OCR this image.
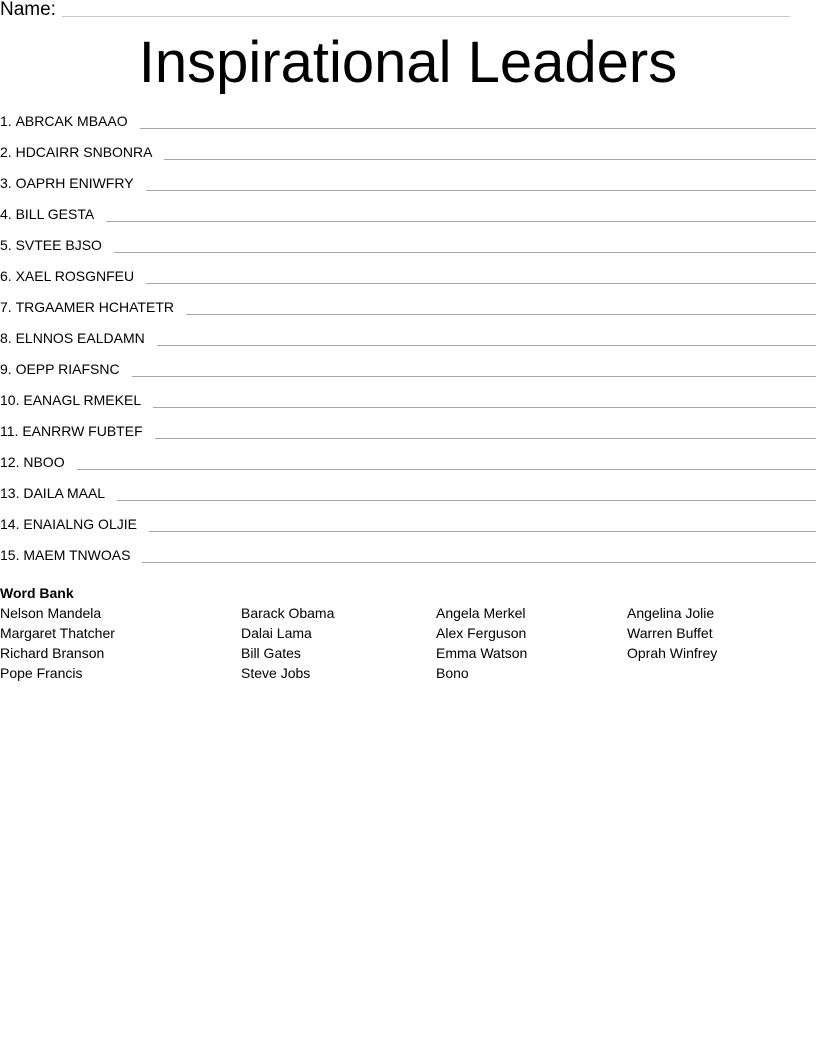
Name:
Inspirational Leaders
1. ABRCAK MBAAO
2. HDCAIRR SNBONRA
3. OAPRH ENIWFRY
4. BILL GESTA
5. SVTEE BJSO
6. XAEL ROSGNFEU
7. TRGAAMER HCHATETR
8. ELNNOS EALDAMN
9. OEPP RIAFSNC
10. EANAGL RMEKEL
11. EANRRW FUBTEF
12. NBOO
13. DAILA MAAL
14. ENAIALNG OLJIE
15. MAEM TNWOAS
Word Bank
Nelson Mandela
Margaret Thatcher
Richard Branson
Pope Francis
Barack Obama
Dalai Lama
Bill Gates
Steve Jobs
Angela Merkel
Alex Ferguson
Emma Watson
Bono
Angelina Jolie
Warren Buffet
Oprah Winfrey
